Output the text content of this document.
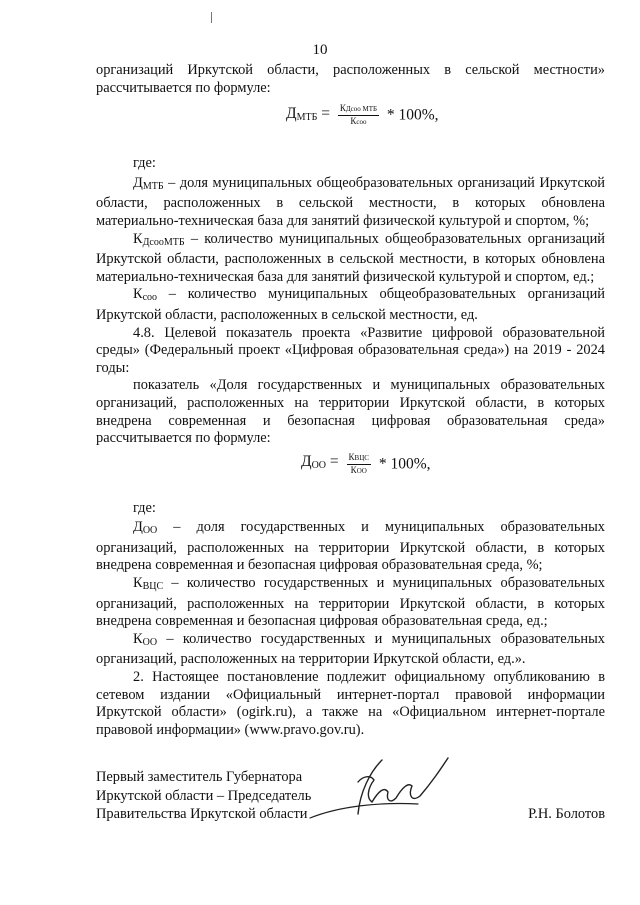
10

организаций Иркутской области, расположенных в сельской местности» рассчитывается по формуле:

$Д_{МТБ} = \frac{\text{КДсоо МТБ}}{\text{Ксоо}} * 100\%$,

где:

$Д_{МТБ}$ – доля муниципальных общеобразовательных организаций Иркутской области, расположенных в сельской местности, в которых обновлена материально-техническая база для занятий физической культурой и спортом, %;

$К_{ДсооМТБ}$ – количество муниципальных общеобразовательных организаций Иркутской области, расположенных в сельской местности, в которых обновлена материально-техническая база для занятий физической культурой и спортом, ед.;

$К_{соо}$ – количество муниципальных общеобразовательных организаций Иркутской области, расположенных в сельской местности, ед.

4.8. Целевой показатель проекта «Развитие цифровой образовательной среды» (Федеральный проект «Цифровая образовательная среда») на 2019 - 2024 годы:

показатель «Доля государственных и муниципальных образовательных организаций, расположенных на территории Иркутской области, в которых внедрена современная и безопасная цифровая образовательная среда» рассчитывается по формуле:

$Д_{ОО} = \frac{\text{КВЦС}}{\text{КОО}} * 100\%$,

где:

$Д_{ОО}$ – доля государственных и муниципальных образовательных организаций, расположенных на территории Иркутской области, в которых внедрена современная и безопасная цифровая образовательная среда, %;

$К_{ВЦС}$ – количество государственных и муниципальных образовательных организаций, расположенных на территории Иркутской области, в которых внедрена современная и безопасная цифровая образовательная среда, ед.;

$К_{ОО}$ – количество государственных и муниципальных образовательных организаций, расположенных на территории Иркутской области, ед.».

2. Настоящее постановление подлежит официальному опубликованию в сетевом издании «Официальный интернет-портал правовой информации Иркутской области» (ogirk.ru), а также на «Официальном интернет-портале правовой информации» (www.pravo.gov.ru).

Первый заместитель Губернатора
Иркутской области – Председатель
Правительства Иркутской области	Р.Н. Болотов
